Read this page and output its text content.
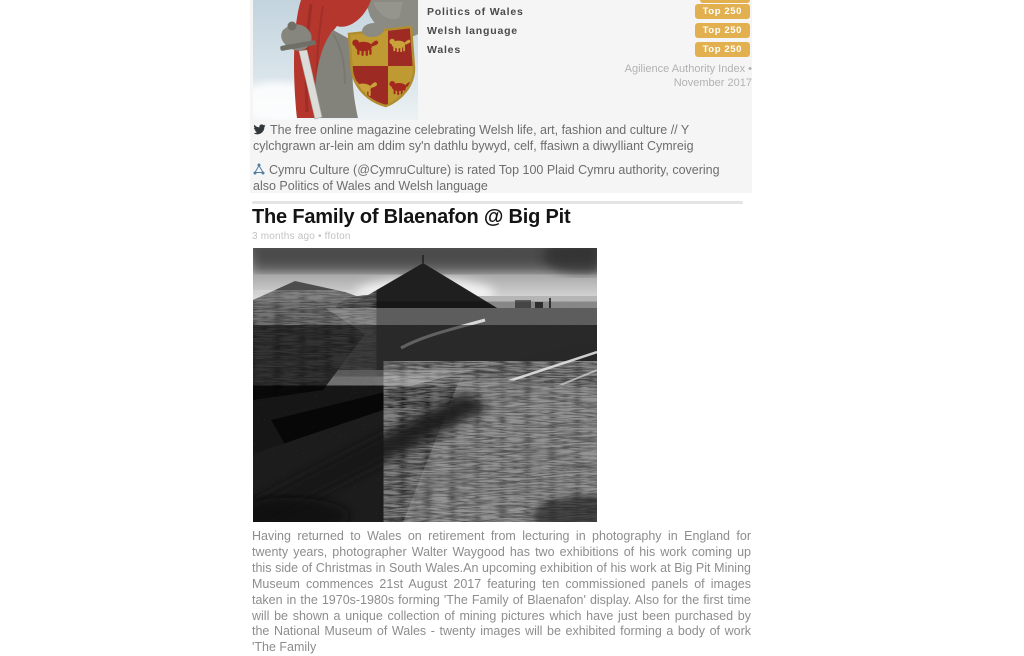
Politics of Wales	Top 250
Welsh language	Top 250
Wales	Top 250
Agilience Authority Index •
November 2017

The free online magazine celebrating Welsh life, art, fashion and culture // Y cylchgrawn ar-lein am ddim sy'n dathlu bywyd, celf, ffasiwn a diwylliant Cymreig

Cymru Culture (@CymruCulture) is rated Top 100 Plaid Cymru authority, covering also Politics of Wales and Welsh language

The Family of Blaenafon @ Big Pit
3 months ago • ffoton
Having returned to Wales on retirement from lecturing in photography in England for twenty years, photographer Walter Waygood has two exhibitions of his work coming up this side of Christmas in South Wales.An upcoming exhibition of his work at Big Pit Mining Museum commences 21st August 2017 featuring ten commissioned panels of images taken in the 1970s-1980s forming 'The Family of Blaenafon' display. Also for the first time will be shown a unique collection of mining pictures which have just been purchased by the National Museum of Wales - twenty images will be exhibited forming a body of work 'The Family
